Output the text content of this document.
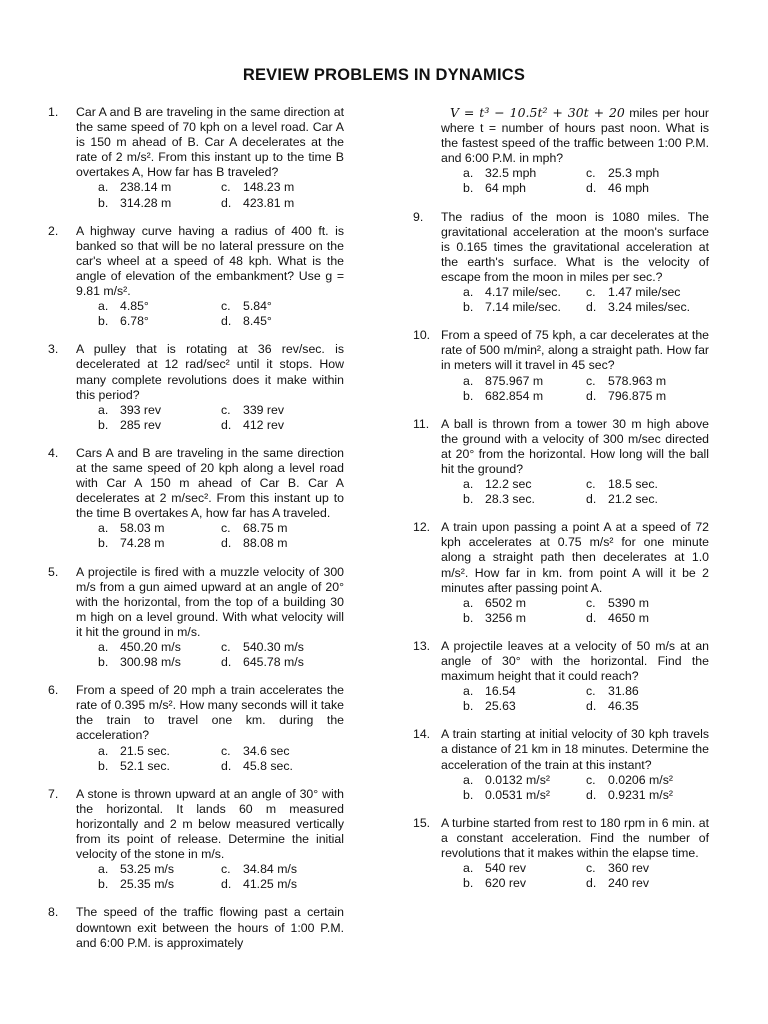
REVIEW PROBLEMS IN DYNAMICS
1.	Car A and B are traveling in the same direction at the same speed of 70 kph on a level road. Car A is 150 m ahead of B. Car A decelerates at the rate of 2 m/s². From this instant up to the time B overtakes A, How far has B traveled?
a. 238.14 m	c.	148.23 m
b. 314.28 m	d. 423.81 m
2.	A highway curve having a radius of 400 ft. is banked so that will be no lateral pressure on the car's wheel at a speed of 48 kph. What is the angle of elevation of the embankment? Use g = 9.81 m/s².
a. 4.85°	c.	5.84°
b. 6.78°	d. 8.45°
3.	A pulley that is rotating at 36 rev/sec. is decelerated at 12 rad/sec² until it stops. How many complete revolutions does it make within this period?
a. 393 rev	c.	339 rev
b. 285 rev	d. 412 rev
4.	Cars A and B are traveling in the same direction at the same speed of 20 kph along a level road with Car A 150 m ahead of Car B. Car A decelerates at 2 m/sec². From this instant up to the time B overtakes A, how far has A traveled.
a. 58.03 m	c.	68.75 m
b. 74.28 m	d. 88.08 m
5.	A projectile is fired with a muzzle velocity of 300 m/s from a gun aimed upward at an angle of 20° with the horizontal, from the top of a building 30 m high on a level ground. With what velocity will it hit the ground in m/s.
a. 450.20 m/s	c.	540.30 m/s
b. 300.98 m/s	d. 645.78 m/s
6.	From a speed of 20 mph a train accelerates the rate of 0.395 m/s². How many seconds will it take the train to travel one km. during the acceleration?
a. 21.5 sec.	c.	34.6 sec
b. 52.1 sec.	d. 45.8 sec.
7.	A stone is thrown upward at an angle of 30° with the horizontal. It lands 60 m measured horizontally and 2 m below measured vertically from its point of release. Determine the initial velocity of the stone in m/s.
a. 53.25 m/s	c.	34.84 m/s
b. 25.35 m/s	d. 41.25 m/s
8.	The speed of the traffic flowing past a certain downtown exit between the hours of 1:00 P.M. and 6:00 P.M. is approximately
V = t³ − 10.5t² + 30t + 20 miles per hour where t = number of hours past noon. What is the fastest speed of the traffic between 1:00 P.M. and 6:00 P.M. in mph?
a. 32.5 mph	c.	25.3 mph
b. 64 mph	d. 46 mph
9.	The radius of the moon is 1080 miles. The gravitational acceleration at the moon's surface is 0.165 times the gravitational acceleration at the earth's surface. What is the velocity of escape from the moon in miles per sec.?
a. 4.17 mile/sec. c.	1.47 mile/sec
b. 7.14 mile/sec. d. 3.24 miles/sec.
10. From a speed of 75 kph, a car decelerates at the rate of 500 m/min², along a straight path. How far in meters will it travel in 45 sec?
a. 875.967 m	c.	578.963 m
b. 682.854 m	d. 796.875 m
11. A ball is thrown from a tower 30 m high above the ground with a velocity of 300 m/sec directed at 20° from the horizontal. How long will the ball hit the ground?
a. 12.2 sec	c.	18.5 sec.
b. 28.3 sec.	d. 21.2 sec.
12. A train upon passing a point A at a speed of 72 kph accelerates at 0.75 m/s² for one minute along a straight path then decelerates at 1.0 m/s². How far in km. from point A will it be 2 minutes after passing point A.
a. 6502 m	c.	5390 m
b. 3256 m	d. 4650 m
13. A projectile leaves at a velocity of 50 m/s at an angle of 30° with the horizontal. Find the maximum height that it could reach?
a. 16.54	c.	31.86
b. 25.63	d. 46.35
14. A train starting at initial velocity of 30 kph travels a distance of 21 km in 18 minutes. Determine the acceleration of the train at this instant?
a. 0.0132 m/s²	c.	0.0206 m/s²
b. 0.0531 m/s²	d. 0.9231 m/s²
15. A turbine started from rest to 180 rpm in 6 min. at a constant acceleration. Find the number of revolutions that it makes within the elapse time.
a. 540 rev	c.	360 rev
b. 620 rev	d. 240 rev
